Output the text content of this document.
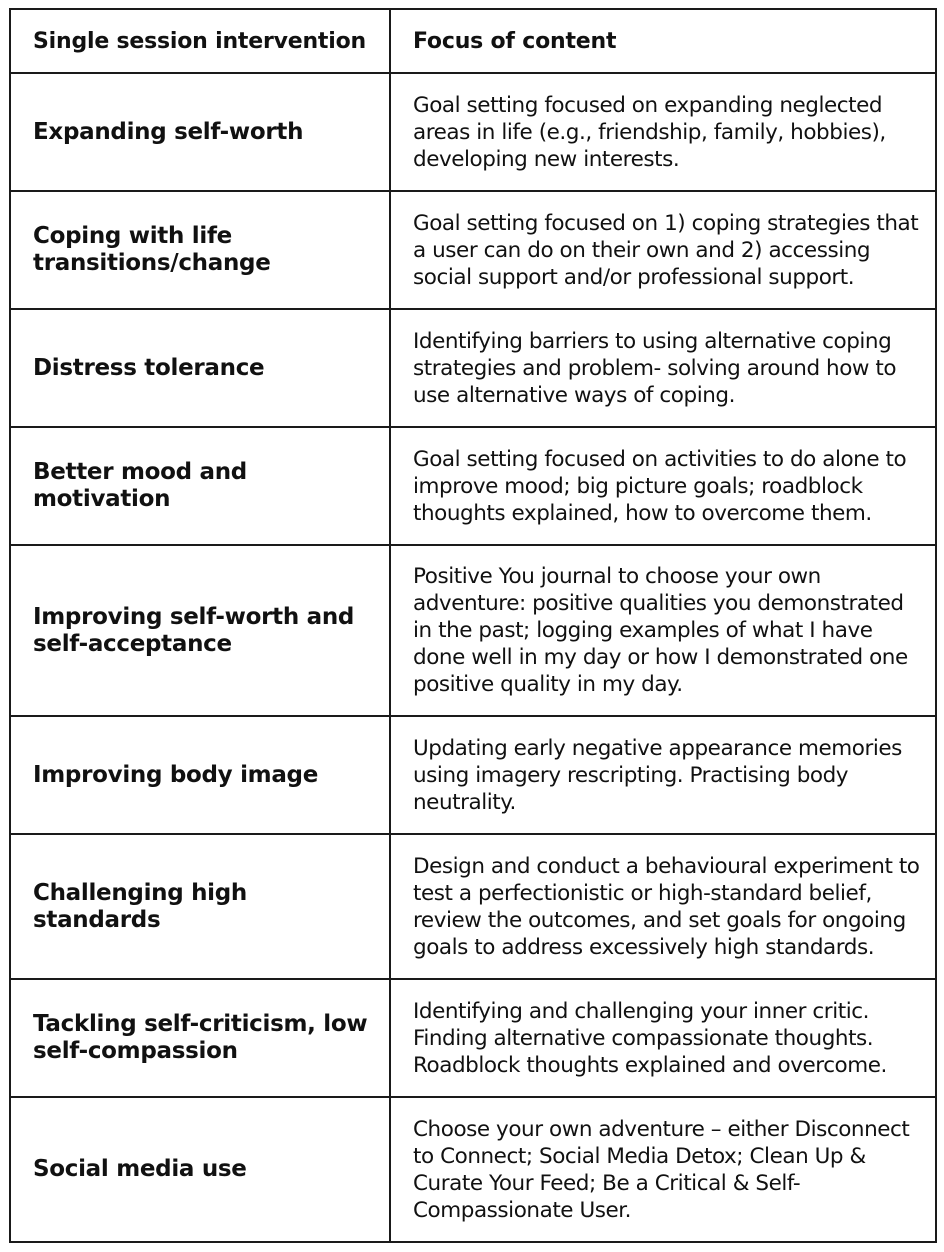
Single session intervention	Focus of content

Expanding self-worth	Goal setting focused on expanding neglected areas in life (e.g., friendship, family, hobbies), developing new interests.

Coping with life transitions/change	Goal setting focused on 1) coping strategies that a user can do on their own and 2) accessing social support and/or professional support.

Distress tolerance	Identifying barriers to using alternative coping strategies and problem- solving around how to use alternative ways of coping.

Better mood and motivation	Goal setting focused on activities to do alone to improve mood; big picture goals; roadblock thoughts explained, how to overcome them.

Improving self-worth and self-acceptance	Positive You journal to choose your own adventure: positive qualities you demonstrated in the past; logging examples of what I have done well in my day or how I demonstrated one positive quality in my day.

Improving body image	Updating early negative appearance memories using imagery rescripting. Practising body neutrality.

Challenging high standards	Design and conduct a behavioural experiment to test a perfectionistic or high-standard belief, review the outcomes, and set goals for ongoing goals to address excessively high standards.

Tackling self-criticism, low self-compassion	Identifying and challenging your inner critic. Finding alternative compassionate thoughts. Roadblock thoughts explained and overcome.

Social media use	Choose your own adventure – either Disconnect to Connect; Social Media Detox; Clean Up & Curate Your Feed; Be a Critical & Self-Compassionate User.
